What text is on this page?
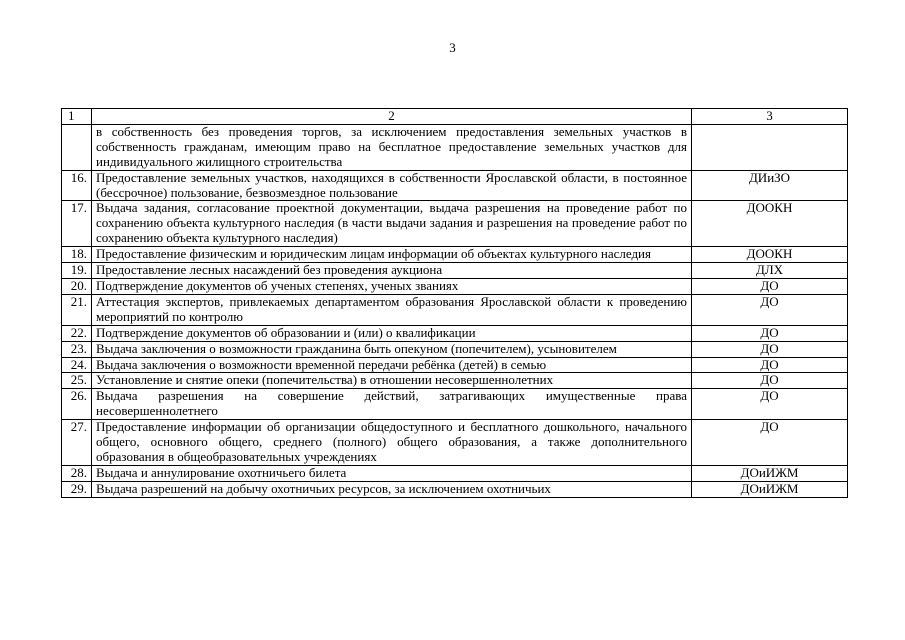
3
1	2	3
	в собственность без проведения торгов, за исключением предоставления земельных участков в собственность гражданам, имеющим право на бесплатное предоставление земельных участков для индивидуального жилищного строительства	
16.	Предоставление земельных участков, находящихся в собственности Ярославской области, в постоянное (бессрочное) пользование, безвозмездное пользование	ДИиЗО
17.	Выдача задания, согласование проектной документации, выдача разрешения на проведение работ по сохранению объекта культурного наследия (в части выдачи задания и разрешения на проведение работ по сохранению объекта культурного наследия)	ДООКН
18.	Предоставление физическим и юридическим лицам информации об объектах культурного наследия	ДООКН
19.	Предоставление лесных насаждений без проведения аукциона	ДЛХ
20.	Подтверждение документов об ученых степенях, ученых званиях	ДО
21.	Аттестация экспертов, привлекаемых департаментом образования Ярославской области к проведению мероприятий по контролю	ДО
22.	Подтверждение документов об образовании и (или) о квалификации	ДО
23.	Выдача заключения о возможности гражданина быть опекуном (попечителем), усыновителем	ДО
24.	Выдача заключения о возможности временной передачи ребёнка (детей) в семью	ДО
25.	Установление и снятие опеки (попечительства) в отношении несовершеннолетних	ДО
26.	Выдача разрешения на совершение действий, затрагивающих имущественные права несовершеннолетнего	ДО
27.	Предоставление информации об организации общедоступного и бесплатного дошкольного, начального общего, основного общего, среднего (полного) общего образования, а также дополнительного образования в общеобразовательных учреждениях	ДО
28.	Выдача и аннулирование охотничьего билета	ДОиИЖМ
29.	Выдача разрешений на добычу охотничьих ресурсов, за исключением охотничьих	ДОиИЖМ
